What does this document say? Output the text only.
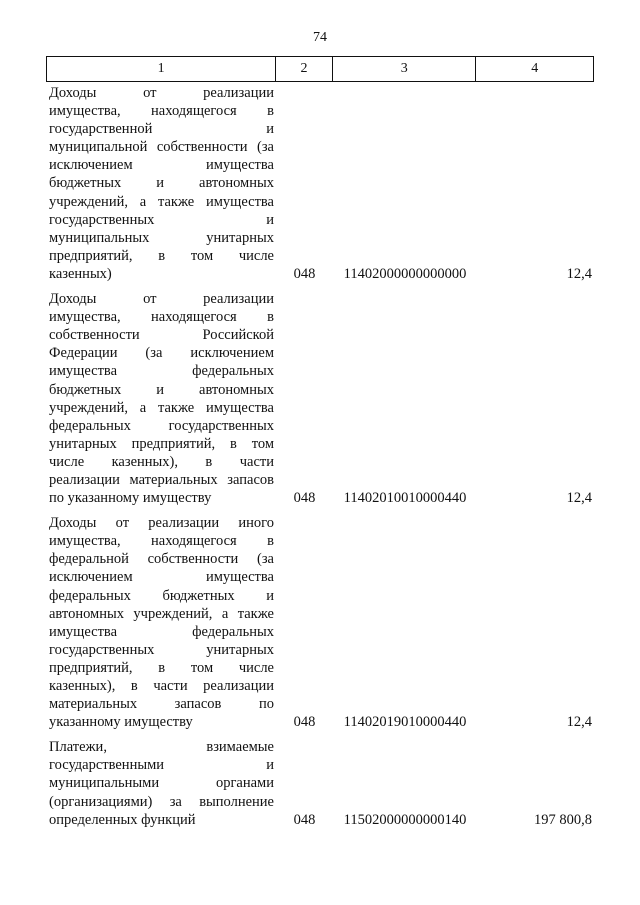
74
1	2	3	4
Доходы от реализации
имущества, находящегося в
государственной и
муниципальной собственности (за
исключением имущества
бюджетных и автономных
учреждений, а также имущества
государственных и
муниципальных унитарных
предприятий, в том числе
казенных)	048	11402000000000000	12,4
Доходы от реализации
имущества, находящегося в
собственности Российской
Федерации (за исключением
имущества федеральных
бюджетных и автономных
учреждений, а также имущества
федеральных государственных
унитарных предприятий, в том
числе казенных), в части
реализации материальных запасов
по указанному имуществу	048	11402010010000440	12,4
Доходы от реализации иного
имущества, находящегося в
федеральной собственности (за
исключением имущества
федеральных бюджетных и
автономных учреждений, а также
имущества федеральных
государственных унитарных
предприятий, в том числе
казенных), в части реализации
материальных запасов по
указанному имуществу	048	11402019010000440	12,4
Платежи, взимаемые
государственными и
муниципальными органами
(организациями) за выполнение
определенных функций	048	11502000000000140	197 800,8
